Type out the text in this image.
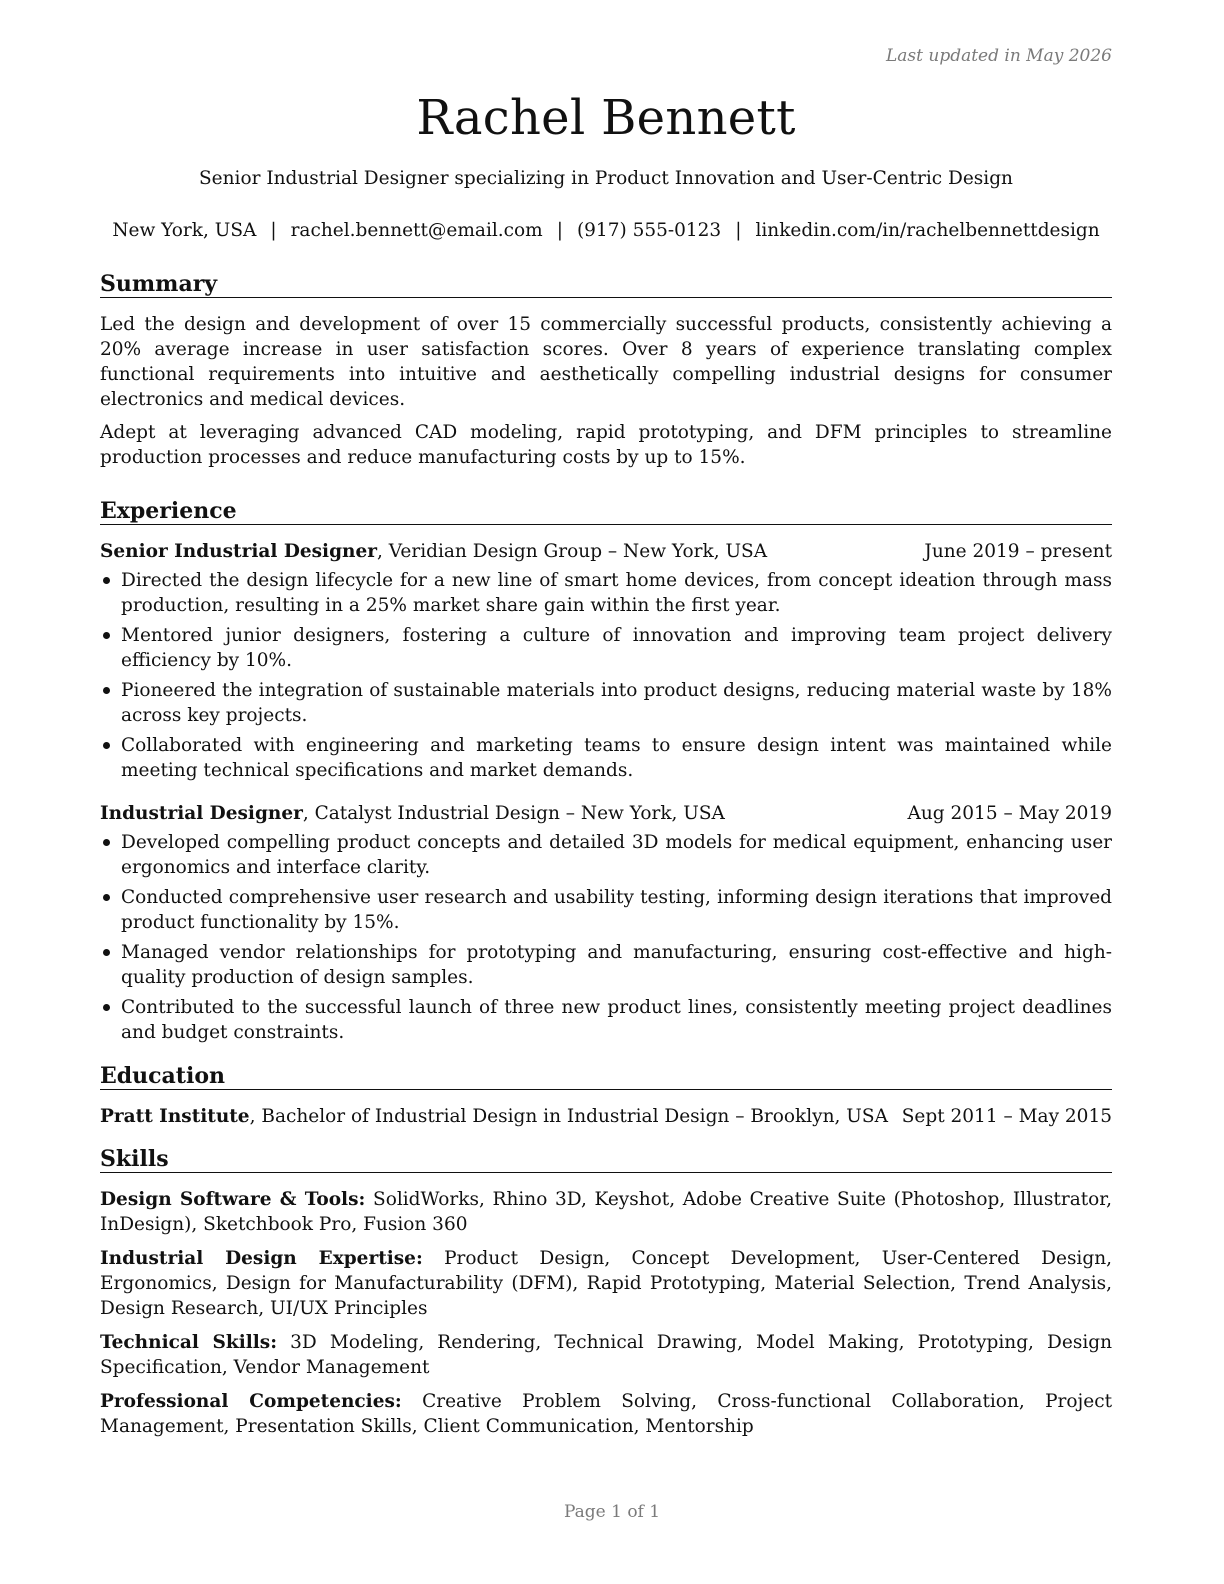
Last updated in May 2026
Rachel Bennett
Senior Industrial Designer specializing in Product Innovation and User-Centric Design
New York, USA | rachel.bennett@email.com | (917) 555-0123 | linkedin.com/in/rachelbennettdesign
Summary

Led the design and development of over 15 commercially successful products, consistently achieving a 20% average increase in user satisfaction scores. Over 8 years of experience translating complex functional requirements into intuitive and aesthetically compelling industrial designs for consumer electronics and medical devices.

Adept at leveraging advanced CAD modeling, rapid prototyping, and DFM principles to streamline production processes and reduce manufacturing costs by up to 15%.

Experience
Senior Industrial Designer, Veridian Design Group – New York, USA	June 2019 – present
Directed the design lifecycle for a new line of smart home devices, from concept ideation through mass production, resulting in a 25% market share gain within the first year.
Mentored junior designers, fostering a culture of innovation and improving team project delivery efficiency by 10%.
Pioneered the integration of sustainable materials into product designs, reducing material waste by 18% across key projects.
Collaborated with engineering and marketing teams to ensure design intent was maintained while meeting technical specifications and market demands.
Industrial Designer, Catalyst Industrial Design – New York, USA	Aug 2015 – May 2019
Developed compelling product concepts and detailed 3D models for medical equipment, enhancing user ergonomics and interface clarity.
Conducted comprehensive user research and usability testing, informing design iterations that improved product functionality by 15%.
Managed vendor relationships for prototyping and manufacturing, ensuring cost-effective and high-quality production of design samples.
Contributed to the successful launch of three new product lines, consistently meeting project deadlines and budget constraints.
Education
Pratt Institute, Bachelor of Industrial Design in Industrial Design – Brooklyn, USA Sept 2011 – May 2015
Skills
Design Software & Tools: SolidWorks, Rhino 3D, Keyshot, Adobe Creative Suite (Photoshop, Illustrator, InDesign), Sketchbook Pro, Fusion 360
Industrial Design Expertise: Product Design, Concept Development, User-Centered Design, Ergonomics, Design for Manufacturability (DFM), Rapid Prototyping, Material Selection, Trend Analysis, Design Research, UI/UX Principles
Technical Skills: 3D Modeling, Rendering, Technical Drawing, Model Making, Prototyping, Design Specification, Vendor Management
Professional Competencies: Creative Problem Solving, Cross-functional Collaboration, Project Management, Presentation Skills, Client Communication, Mentorship
Page 1 of 1
